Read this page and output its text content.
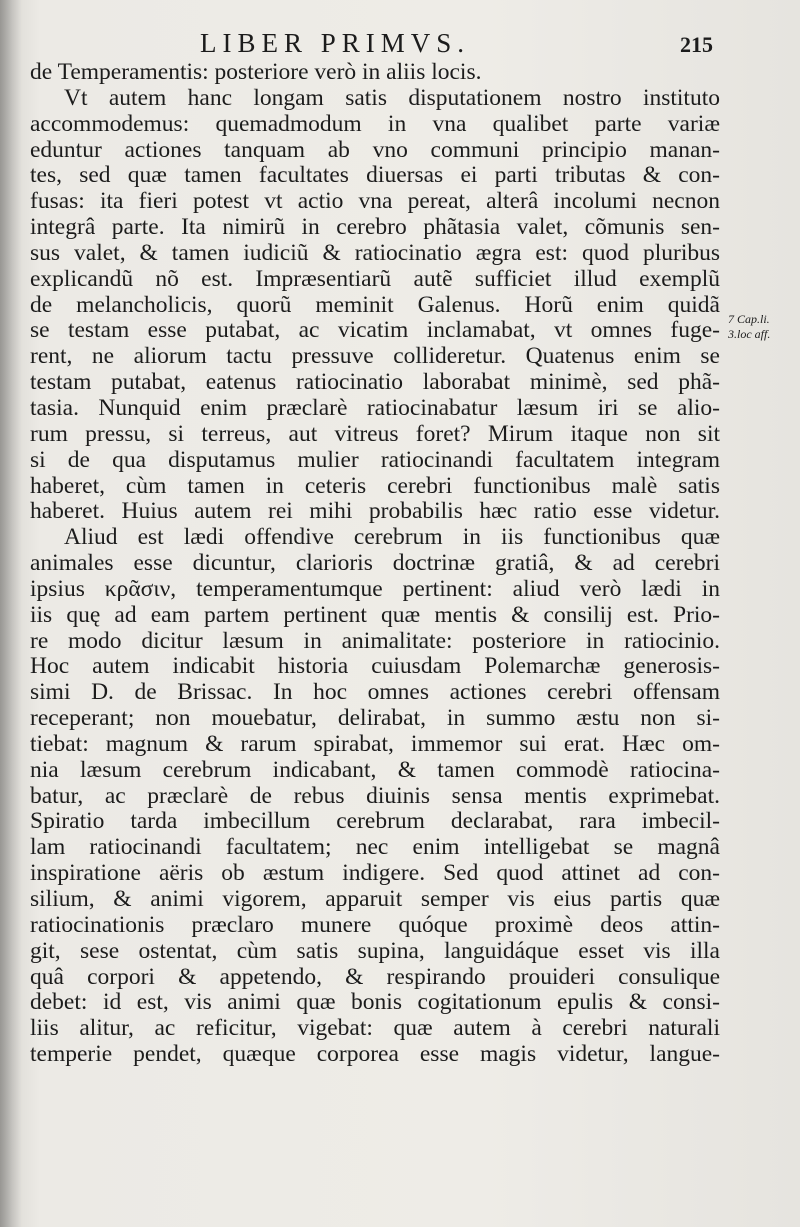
LIBER PRIMVS.	215
de Temperamentis: posteriore verò in aliis locis.
Vt autem hanc longam satis disputationem nostro instituto
accommodemus: quemadmodum in vna qualibet parte variæ
eduntur actiones tanquam ab vno communi principio manan-
tes, sed quæ tamen facultates diuersas ei parti tributas & con-
fusas: ita fieri potest vt actio vna pereat, alterâ incolumi necnon
integrâ parte. Ita nimirũ in cerebro phãtasia valet, cõmunis sen-
sus valet, & tamen iudiciũ & ratiocinatio ægra est: quod pluribus
explicandũ nõ est. Impræsentiarũ autẽ sufficiet illud exemplũ
de melancholicis, quorũ meminit Galenus. Horũ enim quidã
se testam esse putabat, ac vicatim inclamabat, vt omnes fuge-
rent, ne aliorum tactu pressuve collideretur. Quatenus enim se
testam putabat, eatenus ratiocinatio laborabat minimè, sed phã-
tasia. Nunquid enim præclarè ratiocinabatur læsum iri se alio-
rum pressu, si terreus, aut vitreus foret? Mirum itaque non sit
si de qua disputamus mulier ratiocinandi facultatem integram
haberet, cùm tamen in ceteris cerebri functionibus malè satis
haberet. Huius autem rei mihi probabilis hæc ratio esse videtur.
Aliud est lædi offendive cerebrum in iis functionibus quæ
animales esse dicuntur, clarioris doctrinæ gratiâ, & ad cerebri
ipsius κρᾶσιν, temperamentumque pertinent: aliud verò lædi in
iis quę ad eam partem pertinent quæ mentis & consilij est. Prio-
re modo dicitur læsum in animalitate: posteriore in ratiocinio.
Hoc autem indicabit historia cuiusdam Polemarchæ generosis-
simi D. de Brissac. In hoc omnes actiones cerebri offensam
receperant; non mouebatur, delirabat, in summo æstu non si-
tiebat: magnum & rarum spirabat, immemor sui erat. Hæc om-
nia læsum cerebrum indicabant, & tamen commodè ratiocina-
batur, ac præclarè de rebus diuinis sensa mentis exprimebat.
Spiratio tarda imbecillum cerebrum declarabat, rara imbecil-
lam ratiocinandi facultatem; nec enim intelligebat se magnâ
inspiratione aëris ob æstum indigere. Sed quod attinet ad con-
silium, & animi vigorem, apparuit semper vis eius partis quæ
ratiocinationis præclaro munere quóque proximè deos attin-
git, sese ostentat, cùm satis supina, languidáque esset vis illa
quâ corpori & appetendo, & respirando prouideri consulique
debet: id est, vis animi quæ bonis cogitationum epulis & consi-
liis alitur, ac reficitur, vigebat: quæ autem à cerebri naturali
temperie pendet, quæque corporea esse magis videtur, langue-
7 Cap.li.
3.loc aff.
